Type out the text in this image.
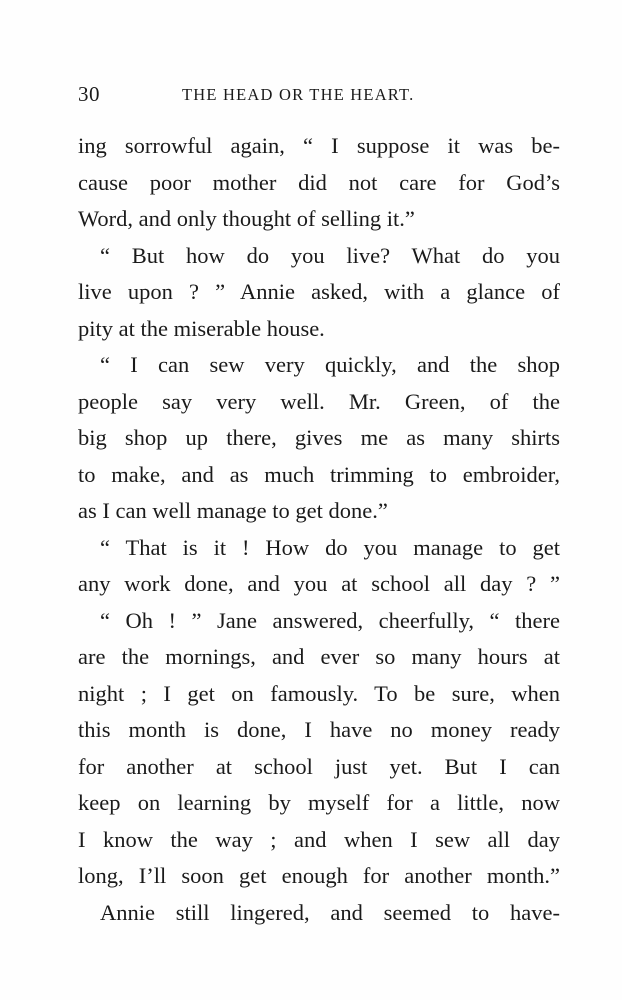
30	THE HEAD OR THE HEART.
ing sorrowful again, “ I suppose it was be-
cause poor mother did not care for God’s
Word, and only thought of selling it.”
“ But how do you live? What do you
live upon ? ” Annie asked, with a glance of
pity at the miserable house.
“ I can sew very quickly, and the shop
people say very well. Mr. Green, of the
big shop up there, gives me as many shirts
to make, and as much trimming to embroider,
as I can well manage to get done.”
“ That is it ! How do you manage to get
any work done, and you at school all day ? ”
“ Oh ! ” Jane answered, cheerfully, “ there
are the mornings, and ever so many hours at
night ; I get on famously. To be sure, when
this month is done, I have no money ready
for another at school just yet. But I can
keep on learning by myself for a little, now
I know the way ; and when I sew all day
long, I’ll soon get enough for another month.”
Annie still lingered, and seemed to have-
